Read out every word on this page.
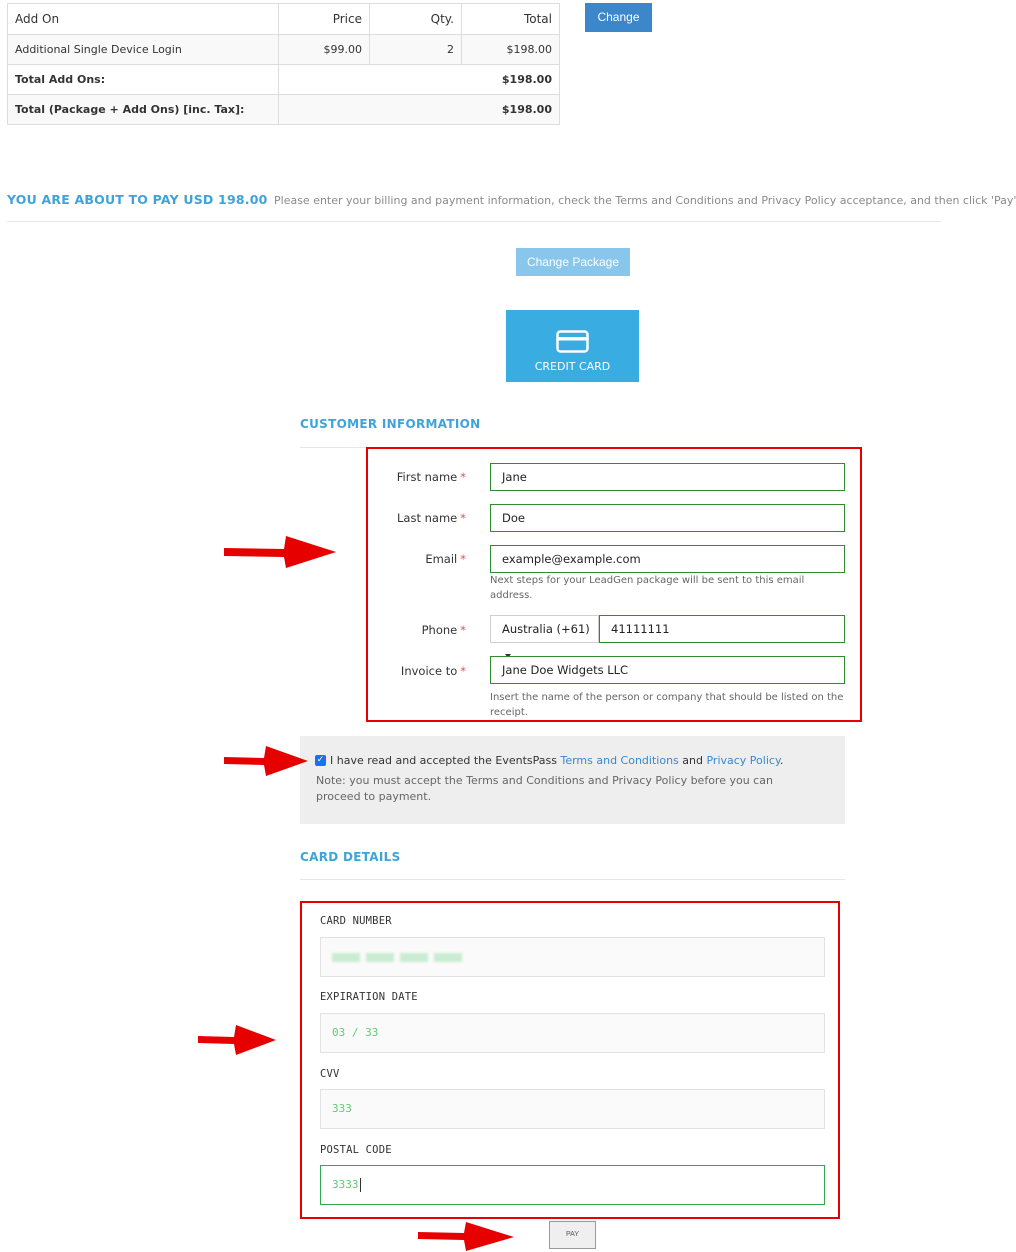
Add On	Price	Qty.	Total
Additional Single Device Login	$99.00	2	$198.00
Total Add Ons:	$198.00		
Total (Package + Add Ons) [inc. Tax]:	$198.00		
Change
YOU ARE ABOUT TO PAY USD 198.00 Please enter your billing and payment information, check the Terms and Conditions and Privacy Policy acceptance, and then click 'Pay'
Change Package
CREDIT CARD
CUSTOMER INFORMATION
First name *	Jane
Last name *	Doe
Email *	example@example.com
Next steps for your LeadGen package will be sent to this email address.
Phone *	Australia (+61)	41111111
Invoice to *	Jane Doe Widgets LLC
Insert the name of the person or company that should be listed on the receipt.
✓ I have read and accepted the EventsPass Terms and Conditions and Privacy Policy.
Note: you must accept the Terms and Conditions and Privacy Policy before you can proceed to payment.
CARD DETAILS
CARD NUMBER
EXPIRATION DATE
03 / 33
CVV
333
POSTAL CODE
3333
PAY
